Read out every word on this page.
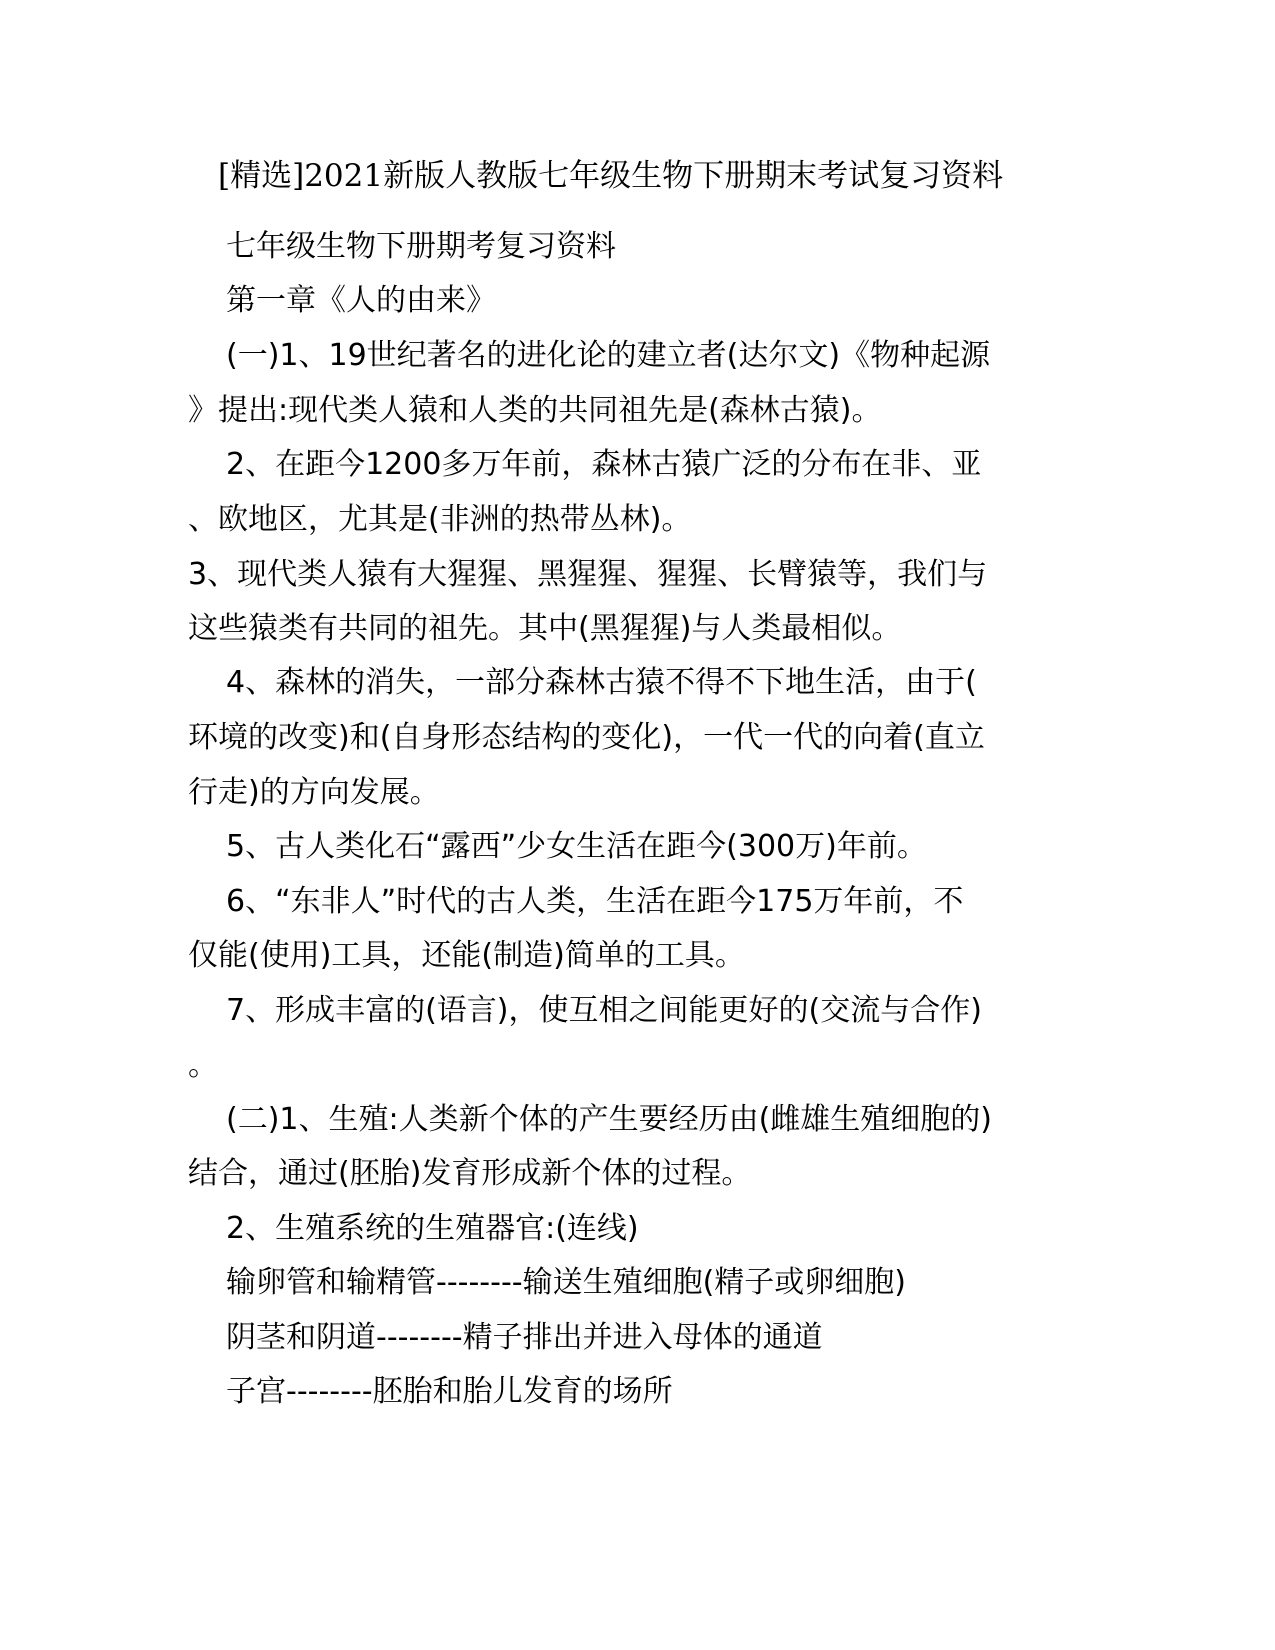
[精选]2021新版人教版七年级生物下册期末考试复习资料
七年级生物下册期考复习资料
第一章《人的由来》
(一)1、19世纪著名的进化论的建立者(达尔文)《物种起源
》提出:现代类人猿和人类的共同祖先是(森林古猿)。
2、在距今1200多万年前，森林古猿广泛的分布在非、亚
、欧地区，尤其是(非洲的热带丛林)。
3、现代类人猿有大猩猩、黑猩猩、猩猩、长臂猿等，我们与
这些猿类有共同的祖先。其中(黑猩猩)与人类最相似。
4、森林的消失，一部分森林古猿不得不下地生活，由于(
环境的改变)和(自身形态结构的变化)，一代一代的向着(直立
行走)的方向发展。
5、古人类化石“露西”少女生活在距今(300万)年前。
6、“东非人”时代的古人类，生活在距今175万年前，不
仅能(使用)工具，还能(制造)简单的工具。
7、形成丰富的(语言)，使互相之间能更好的(交流与合作)
。
(二)1、生殖:人类新个体的产生要经历由(雌雄生殖细胞的)
结合，通过(胚胎)发育形成新个体的过程。
2、生殖系统的生殖器官:(连线)
输卵管和输精管--------输送生殖细胞(精子或卵细胞)
阴茎和阴道--------精子排出并进入母体的通道
子宫--------胚胎和胎儿发育的场所
